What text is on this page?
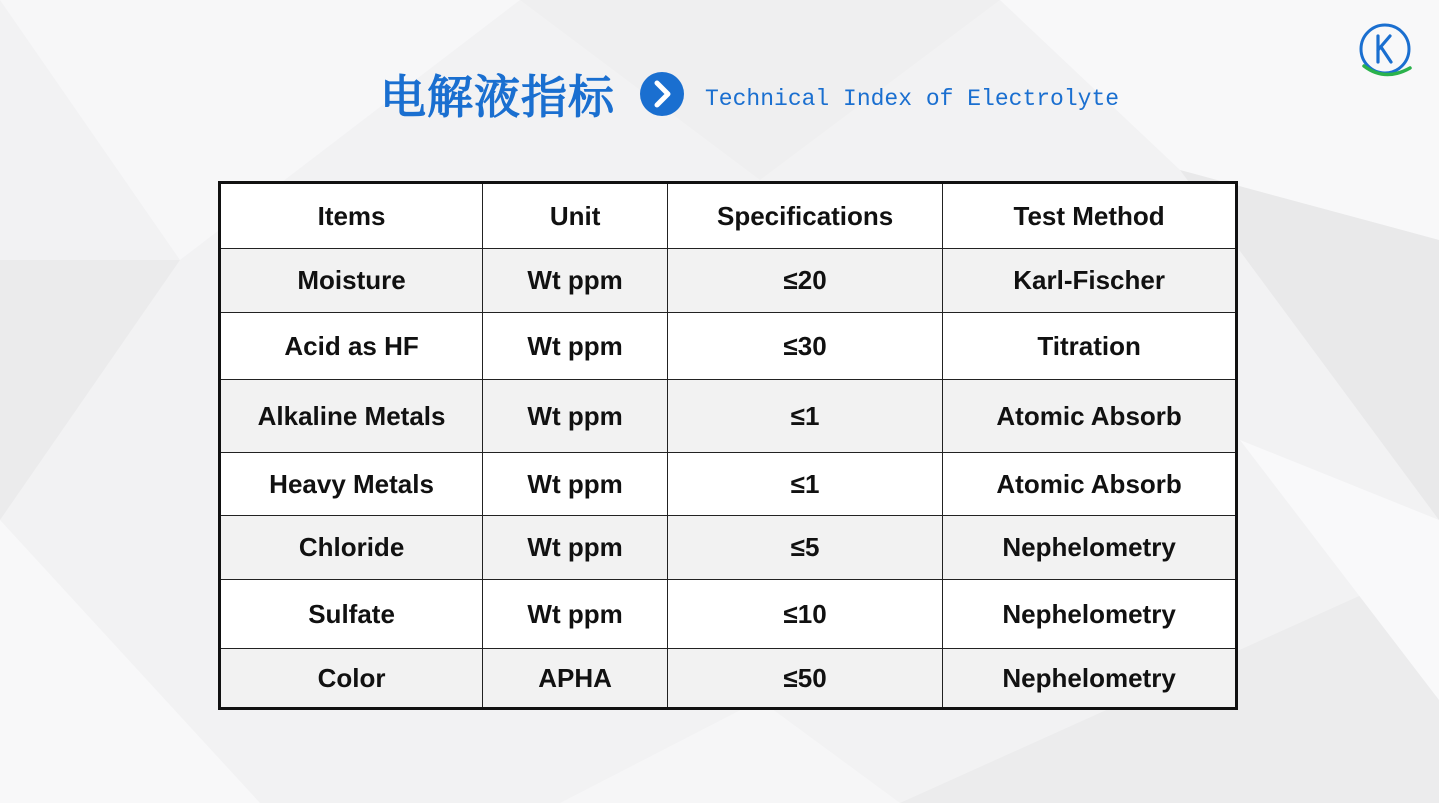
电解液指标	Technical Index of Electrolyte
Items	Unit	Specifications	Test Method
Moisture	Wt ppm	≤20	Karl-Fischer
Acid as HF	Wt ppm	≤30	Titration
Alkaline Metals	Wt ppm	≤1	Atomic Absorb
Heavy Metals	Wt ppm	≤1	Atomic Absorb
Chloride	Wt ppm	≤5	Nephelometry
Sulfate	Wt ppm	≤10	Nephelometry
Color	APHA	≤50	Nephelometry
